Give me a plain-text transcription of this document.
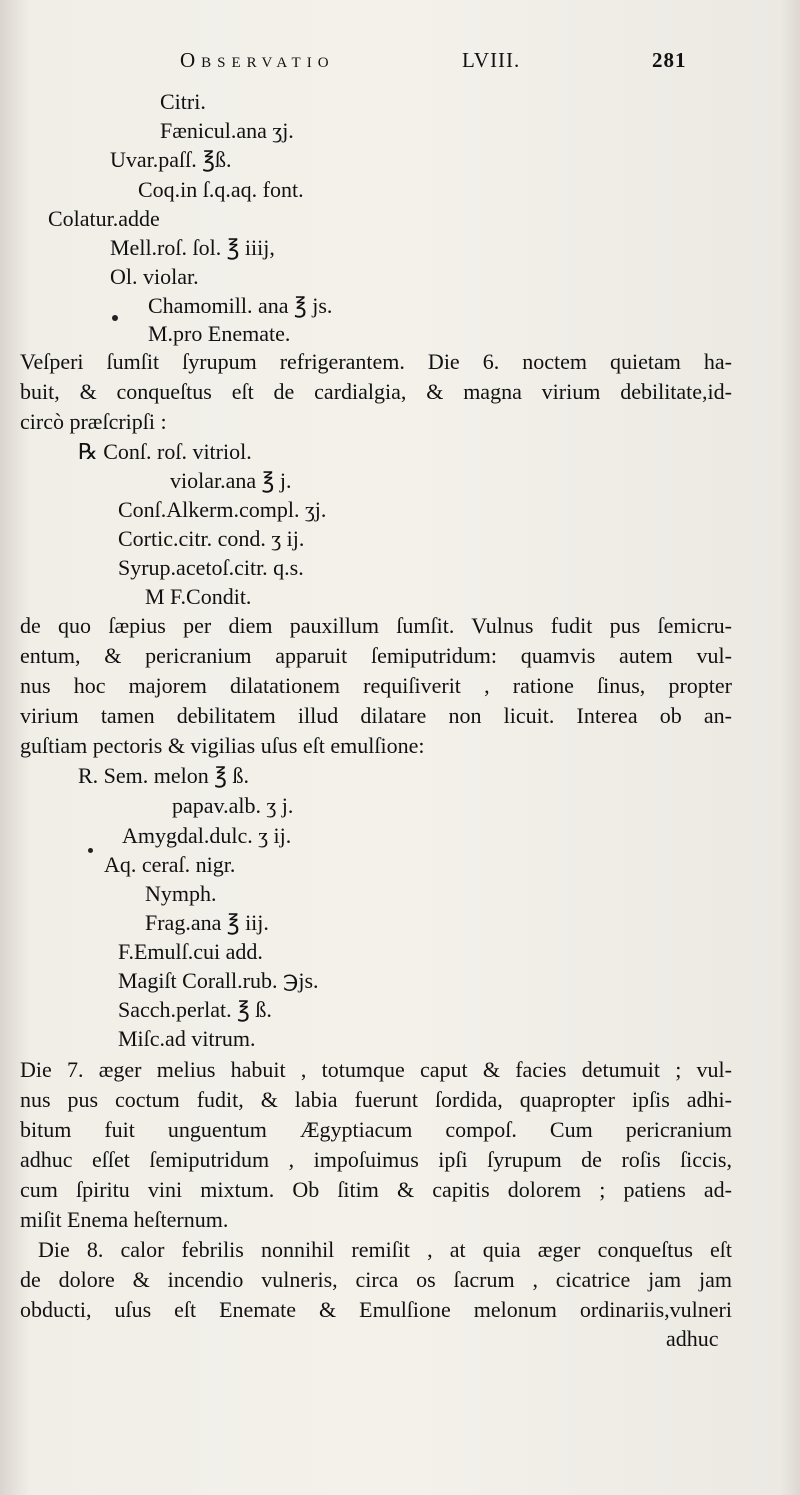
Observatio	LVIII.	281
Citri.
Fænicul.ana ʒj.
Uvar.paſſ. ℥ß.
Coq.in ſ.q.aq. font.
Colatur.adde
Mell.roſ. ſol. ℥ iiij,
Ol. violar.
Chamomill. ana ℥ js.
M.pro Enemate.
Veſperi ſumſit ſyrupum refrigerantem. Die 6. noctem quietam ha-
buit, & conqueſtus eſt de cardialgia, & magna virium debilitate,id-
circò præſcripſi :
℞ Conſ. roſ. vitriol.
violar.ana ℥ j.
Conſ.Alkerm.compl. ʒj.
Cortic.citr. cond. ʒ ij.
Syrup.acetoſ.citr. q.s.
M F.Condit.
de quo ſæpius per diem pauxillum ſumſit. Vulnus fudit pus ſemicru-
entum, & pericranium apparuit ſemiputridum: quamvis autem vul-
nus hoc majorem dilatationem requiſiverit , ratione ſinus, propter
virium tamen debilitatem illud dilatare non licuit. Interea ob an-
guſtiam pectoris & vigilias uſus eſt emulſione:
R. Sem. melon ℥ ß.
papav.alb. ʒ j.
Amygdal.dulc. ʒ ij.
Aq. ceraſ. nigr.
Nymph.
Frag.ana ℥ iij.
F.Emulſ.cui add.
Magiſt Corall.rub. ℈js.
Sacch.perlat. ℥ ß.
Miſc.ad vitrum.
Die 7. æger melius habuit , totumque caput & facies detumuit ; vul-
nus pus coctum fudit, & labia fuerunt ſordida, quapropter ipſis adhi-
bitum fuit unguentum Ægyptiacum compoſ. Cum pericranium
adhuc eſſet ſemiputridum , impoſuimus ipſi ſyrupum de roſis ſiccis,
cum ſpiritu vini mixtum. Ob ſitim & capitis dolorem ; patiens ad-
miſit Enema heſternum.
Die 8. calor febrilis nonnihil remiſit , at quia æger conqueſtus eſt
de dolore & incendio vulneris, circa os ſacrum , cicatrice jam jam
obducti, uſus eſt Enemate & Emulſione melonum ordinariis,vulneri
adhuc
